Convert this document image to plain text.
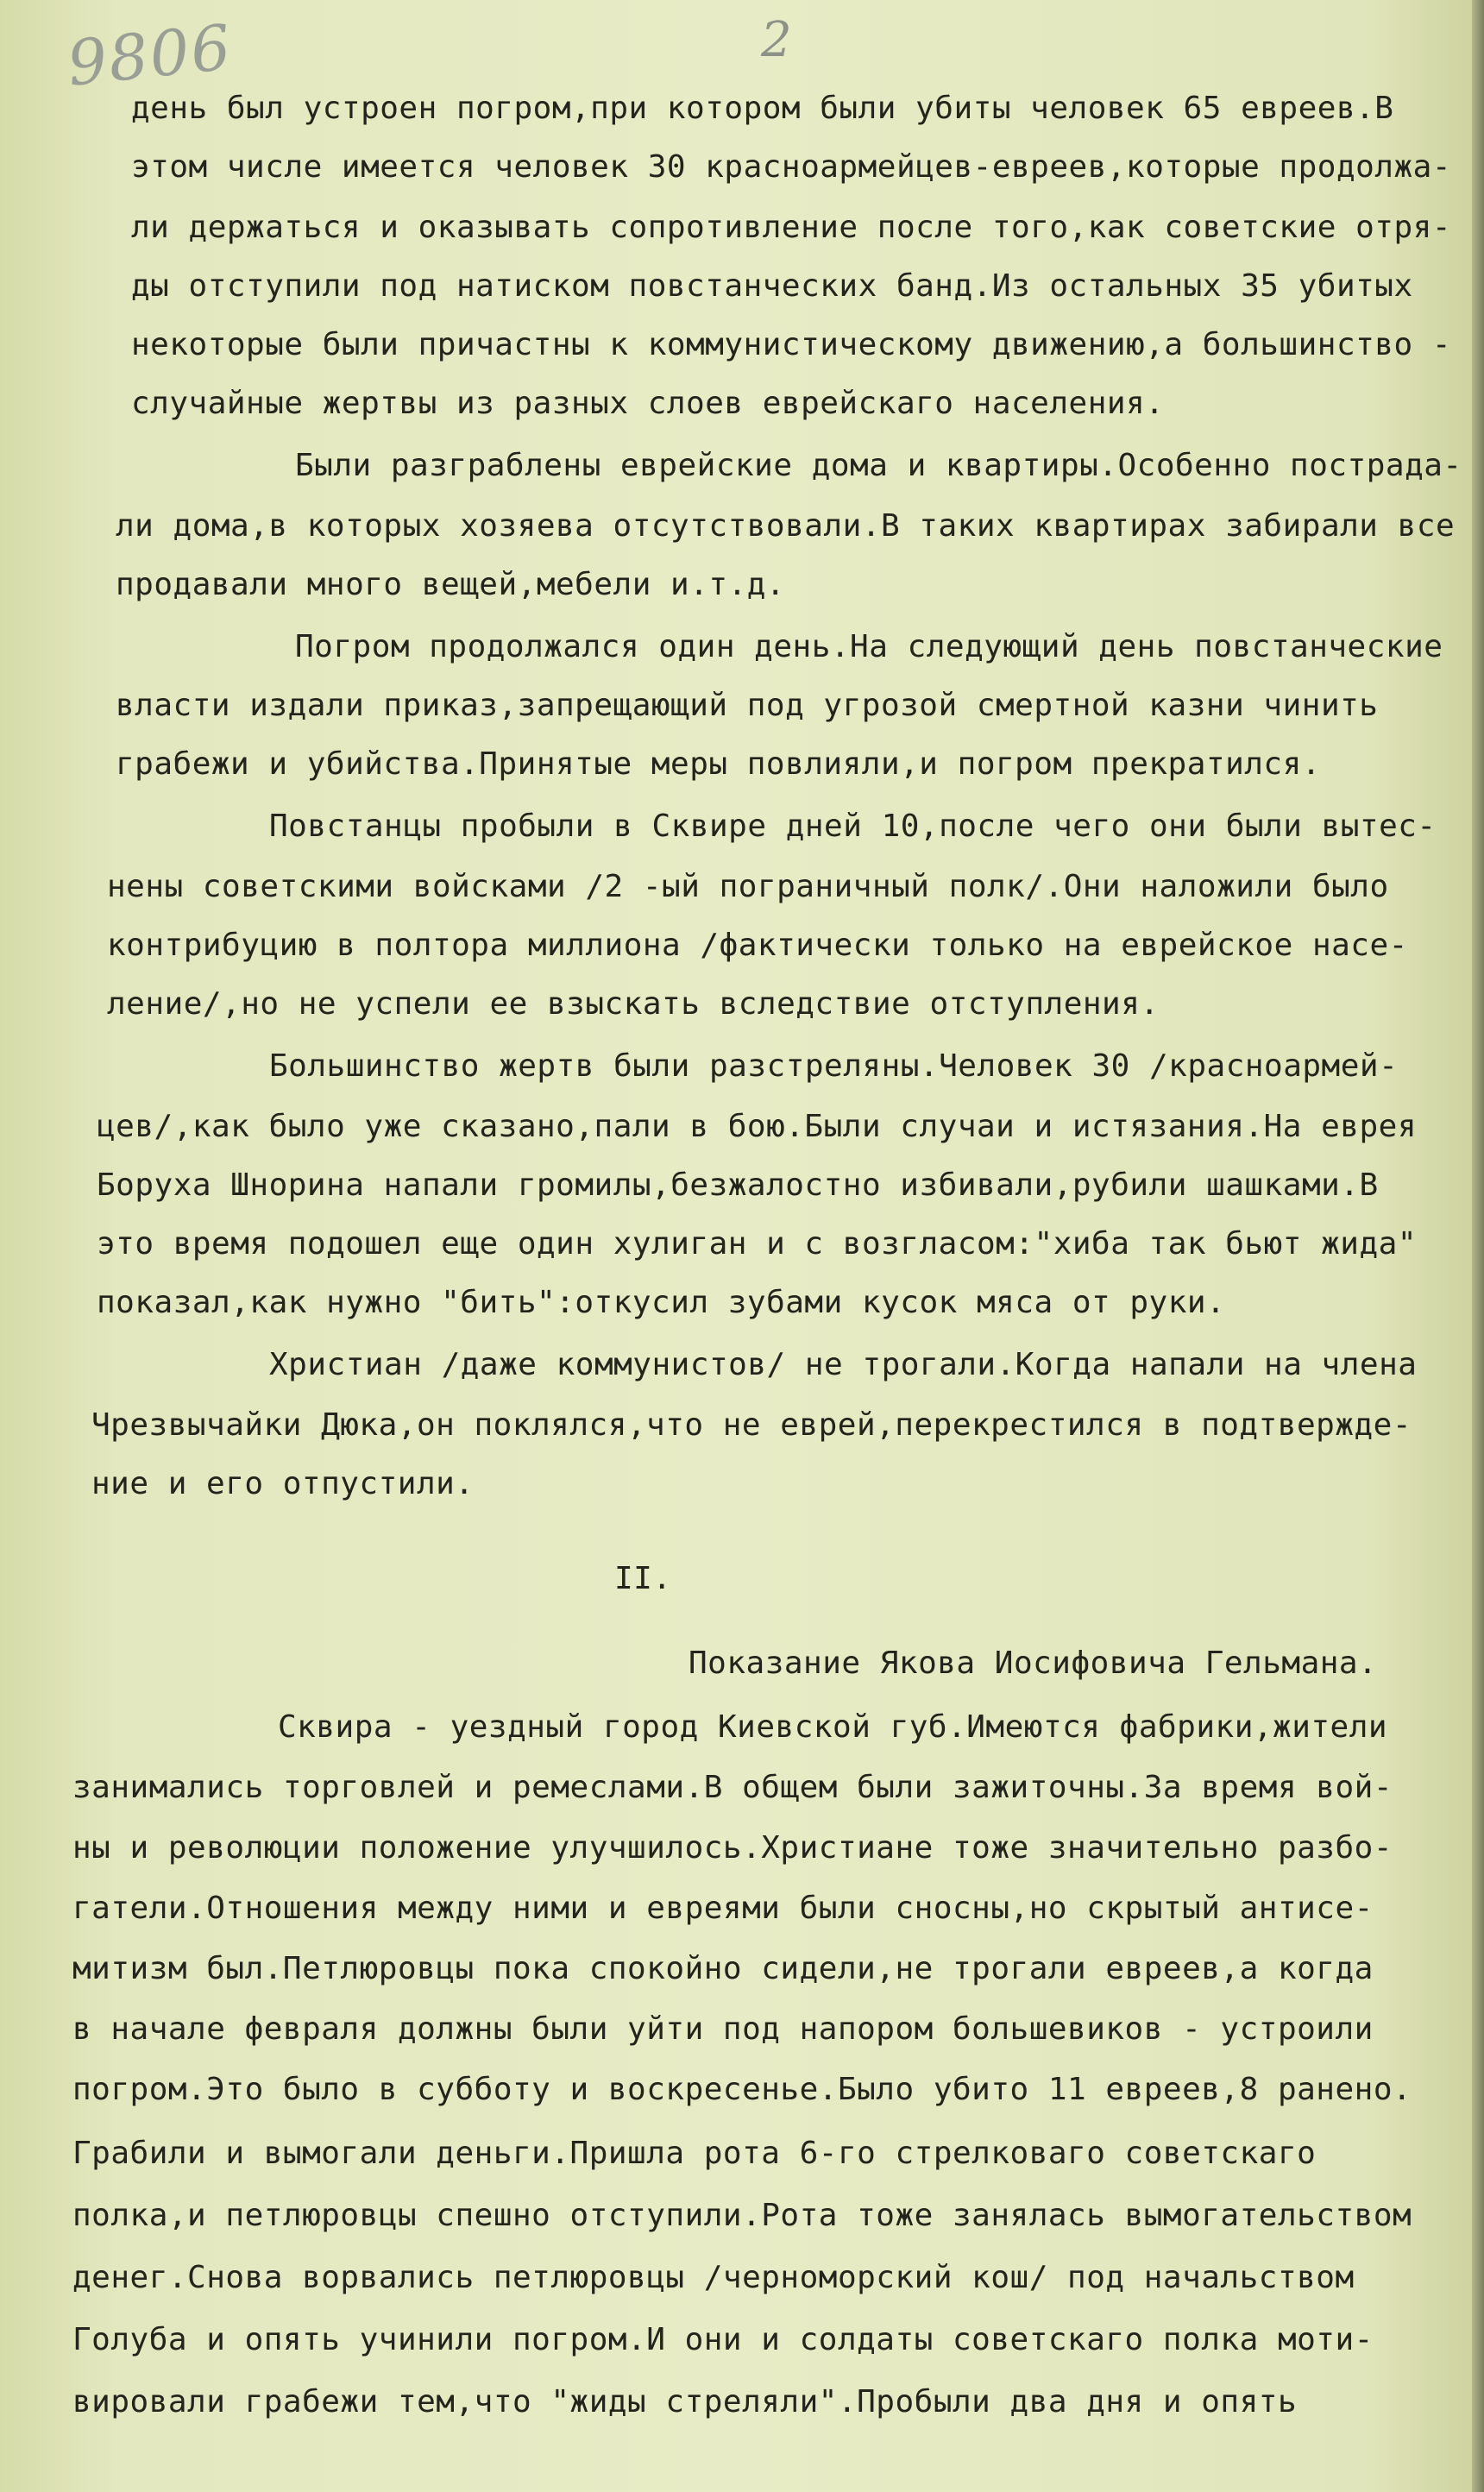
9806	2
день был устроен погром,при котором были убиты человек 65 евреев.В
этом числе имеется человек 30 красноармейцев-евреев,которые продолжа-
ли держаться и оказывать сопротивление после того,как советские отря-
ды отступили под натиском повстанческих банд.Из остальных 35 убитых
некоторые были причастны к коммунистическому движению,а большинство -
случайные жертвы из разных слоев еврейскаго населения.
Были разграблены еврейские дома и квартиры.Особенно пострада-
ли дома,в которых хозяева отсутствовали.В таких квартирах забирали все
продавали много вещей,мебели и.т.д.
Погром продолжался один день.На следующий день повстанческие
власти издали приказ,запрещающий под угрозой смертной казни чинить
грабежи и убийства.Принятые меры повлияли,и погром прекратился.
Повстанцы пробыли в Сквире дней 10,после чего они были вытес-
нены советскими войсками /2 -ый пограничный полк/.Они наложили было
контрибуцию в полтора миллиона /фактически только на еврейское насе-
ление/,но не успели ее взыскать вследствие отступления.
Большинство жертв были разстреляны.Человек 30 /красноармей-
цев/,как было уже сказано,пали в бою.Были случаи и истязания.На еврея
Боруха Шнорина напали громилы,безжалостно избивали,рубили шашками.В
это время подошел еще один хулиган и с возгласом:"хиба так бьют жида"
показал,как нужно "бить":откусил зубами кусок мяса от руки.
Христиан /даже коммунистов/ не трогали.Когда напали на члена
Чрезвычайки Дюка,он поклялся,что не еврей,перекрестился в подтвержде-
ние и его отпустили.
II.
Показание Якова Иосифовича Гельмана.
Сквира - уездный город Киевской губ.Имеются фабрики,жители
занимались торговлей и ремеслами.В общем были зажиточны.За время вой-
ны и революции положение улучшилось.Христиане тоже значительно разбо-
гатели.Отношения между ними и евреями были сносны,но скрытый антисе-
митизм был.Петлюровцы пока спокойно сидели,не трогали евреев,а когда
в начале февраля должны были уйти под напором большевиков - устроили
погром.Это было в субботу и воскресенье.Было убито 11 евреев,8 ранено.
Грабили и вымогали деньги.Пришла рота 6-го стрелковаго советскаго
полка,и петлюровцы спешно отступили.Рота тоже занялась вымогательством
денег.Снова ворвались петлюровцы /черноморский кош/ под начальством
Голуба и опять учинили погром.И они и солдаты советскаго полка моти-
вировали грабежи тем,что "жиды стреляли".Пробыли два дня и опять
